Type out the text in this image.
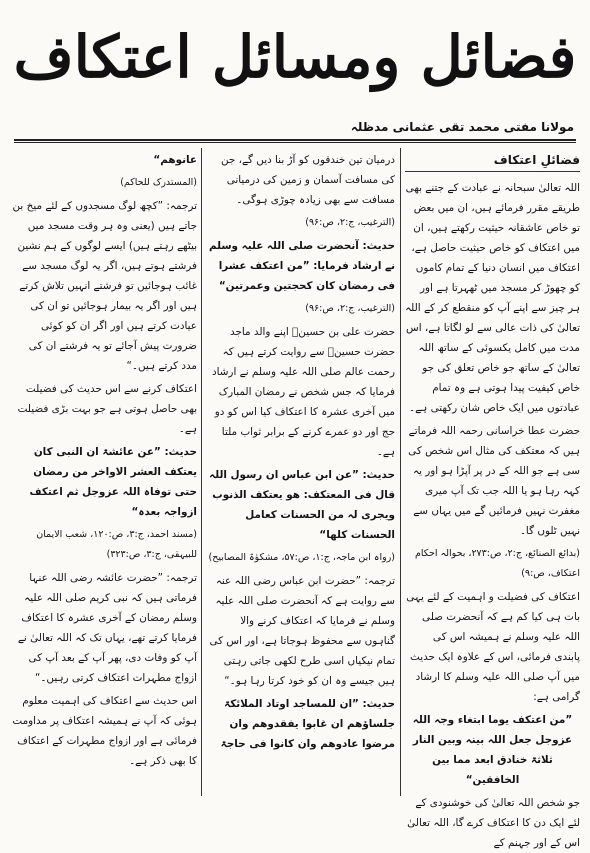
فضائل ومسائل اعتکاف
مولانا مفتی محمد تقی عثمانی مدظلہ
فضائلِ اعتکاف

اللہ تعالیٰ سبحانہ نے عبادت کے جتنے بھی طریقے مقرر فرمائے ہیں، ان میں بعض تو خاص عاشقانہ حیثیت رکھتے ہیں، ان میں اعتکاف کو خاص حیثیت حاصل ہے، اعتکاف میں انسان دنیا کے تمام کاموں کو چھوڑ کر مسجد میں ٹھہرتا ہے اور ہر چیز سے اپنے آپ کو منقطع کر کے اللہ تعالیٰ کی ذات عالی سے لو لگاتا ہے، اس مدت میں کامل یکسوئی کے ساتھ اللہ تعالیٰ کے ساتھ جو خاص تعلق کی جو خاص کیفیت پیدا ہوتی ہے وہ تمام عبادتوں میں ایک خاص شان رکھتی ہے۔

حضرت عطا خراسانی رحمہ اللہ فرماتے ہیں کہ معتکف کی مثال اس شخص کی سی ہے جو اللہ کے در پر آپڑا ہو اور یہ کہہ رہا ہو یا اللہ جب تک آپ میری مغفرت نہیں فرمائیں گے میں یہاں سے نہیں ٹلوں گا۔

(بدائع الصنائع، ج:۲، ص:۲۷۳، بحوالہ احکام اعتکاف، ص:۹)

اعتکاف کی فضیلت و اہمیت کے لئے یہی بات ہی کیا کم ہے کہ آنحضرت صلی اللہ علیہ وسلم نے ہمیشہ اس کی پابندی فرمائی، اس کے علاوہ ایک حدیث میں آپ صلی اللہ علیہ وسلم کا ارشاد گرامی ہے:

”من اعتکف یوما ابتغاء وجہ اللہ عزوجل جعل اللہ بینہ وبین النار ثلاثۃ خنادق ابعد مما بین الخافقین“

جو شخص اللہ تعالیٰ کی خوشنودی کے لئے ایک دن کا اعتکاف کرے گا، اللہ تعالیٰ اس کے اور جہنم کے

درمیان تین خندقوں کو آڑ بنا دیں گے، جن کی مسافت آسمان و زمین کی درمیانی مسافت سے بھی زیادہ چوڑی ہوگی۔

(الترغیب، ج:۲، ص:۹۶)

حدیث: آنحضرت صلی اللہ علیہ وسلم نے ارشاد فرمایا: ”من اعتکف عشرا فی رمضان کان کحجتین وعمرتین“

(الترغیب، ج:۲، ص:۹۶)

حضرت علی بن حسینؓ اپنے والد ماجد حضرت حسینؓ سے روایت کرتے ہیں کہ رحمت عالم صلی اللہ علیہ وسلم نے ارشاد فرمایا کہ جس شخص نے رمضان المبارک میں آخری عشرہ کا اعتکاف کیا اس کو دو حج اور دو عمرے کرنے کے برابر ثواب ملتا ہے۔

حدیث: ”عن ابن عباس ان رسول اللہ قال فی المعتکف: ھو یعتکف الذنوب ویجری لہ من الحسنات کعامل الحسنات کلھا“

(رواہ ابن ماجہ، ج:۱، ص:۵۷، مشکوٰۃ المصابیح)

ترجمہ: ”حضرت ابن عباس رضی اللہ عنہ سے روایت ہے کہ آنحضرت صلی اللہ علیہ وسلم نے فرمایا کہ اعتکاف کرنے والا گناہوں سے محفوظ ہوجاتا ہے، اور اس کی تمام نیکیاں اسی طرح لکھی جاتی رہتی ہیں جیسے وہ ان کو خود کرتا رہا ہو۔“

حدیث: ”ان للمساجد اوتاد الملائکۃ جلساؤھم ان غابوا یفقدوھم وان مرضوا عادوھم وان کانوا فی حاجۃ

عانوھم“

(المستدرک للحاکم)

ترجمہ: ”کچھ لوگ مسجدوں کے لئے میخ بن جاتے ہیں (یعنی وہ ہر وقت مسجد میں بیٹھے رہتے ہیں) ایسے لوگوں کے ہم نشین فرشتے ہوتے ہیں، اگر یہ لوگ مسجد سے غائب ہوجائیں تو فرشتے انہیں تلاش کرتے ہیں اور اگر یہ بیمار ہوجائیں تو ان کی عیادت کرتے ہیں اور اگر ان کو کوئی ضرورت پیش آجائے تو یہ فرشتے ان کی مدد کرتے ہیں۔“

اعتکاف کرنے سے اس حدیث کی فضیلت بھی حاصل ہوتی ہے جو بہت بڑی فضیلت ہے۔

حدیث: ”عن عائشۃ ان النبی کان یعتکف العشر الاواخر من رمضان حتی توفاہ اللہ عزوجل ثم اعتکف ازواجہ بعدہ“

(مسند احمد، ج:۳، ص:۱۲۰، شعب الایمان للبیہقی، ج:۳، ص:۳۲۳)

ترجمہ: ”حضرت عائشہ رضی اللہ عنہا فرماتی ہیں کہ نبی کریم صلی اللہ علیہ وسلم رمضان کے آخری عشرہ کا اعتکاف فرمایا کرتے تھے، یہاں تک کہ اللہ تعالیٰ نے آپ کو وفات دی، پھر آپ کے بعد آپ کی ازواج مطہرات اعتکاف کرتی رہیں۔“

اس حدیث سے اعتکاف کی اہمیت معلوم ہوئی کہ آپ نے ہمیشہ اعتکاف پر مداومت فرمائی ہے اور ازواج مطہرات کے اعتکاف کا بھی ذکر ہے۔
